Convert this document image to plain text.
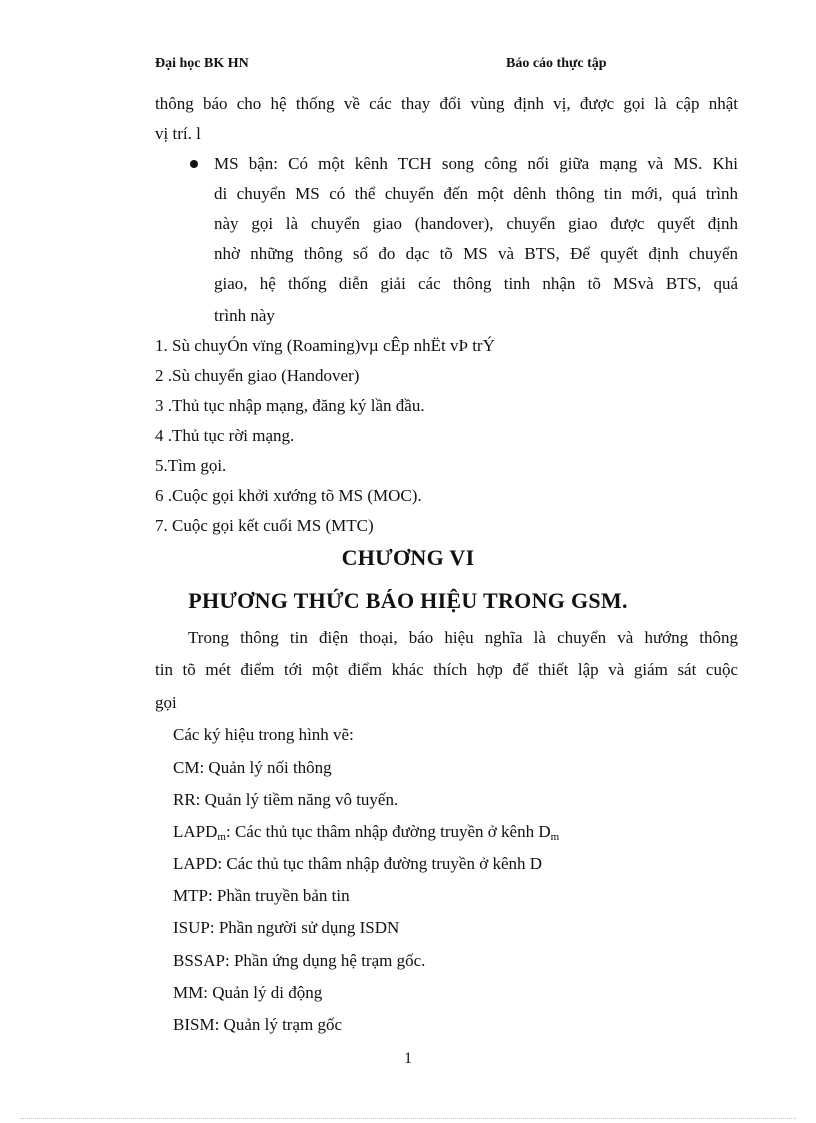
Đại học BK HN	Báo cáo thực tập
thông báo cho hệ thống về các thay đổi vùng định vị, được gọi là cập nhật
vị trí. l
MS bận: Có một kênh TCH song công nối giữa mạng và MS. Khi
di chuyển MS có thể chuyển đến một dênh thông tin mới, quá trình
này gọi là chuyển giao (handover), chuyển giao được quyết định
nhờ những thông số đo dạc tõ MS và BTS, Để quyết định chuyển
giao, hệ thống diễn giải các thông tinh nhận tõ MSvà BTS, quá
trình này
1. Sù chuyÓn vïng (Roaming)vµ cÊp nhËt vÞ trÝ
2 .Sù chuyển giao (Handover)
3 .Thủ tục nhập mạng, đăng ký lần đầu.
4 .Thủ tục rời mạng.
5.Tìm gọi.
6 .Cuộc gọi khởi xướng tõ MS (MOC).
7. Cuộc gọi kết cuối MS (MTC)
CHƯƠNG VI
PHƯƠNG THỨC BÁO HIỆU TRONG GSM.
Trong thông tin điện thoại, báo hiệu nghĩa là chuyển và hướng thông
tin tõ mét điểm tới một điểm khác thích hợp để thiết lập và giám sát cuộc
gọi
Các ký hiệu trong hình vẽ:
CM: Quản lý nối thông
RR: Quản lý tiềm năng vô tuyến.
$LAPD_m$: Các thủ tục thâm nhập đường truyền ở kênh $D_m$
LAPD: Các thủ tục thâm nhập đường truyền ở kênh D
MTP: Phần truyền bản tin
ISUP: Phần người sử dụng ISDN
BSSAP: Phần ứng dụng hệ trạm gốc.
MM: Quản lý di động
BISM: Quản lý trạm gốc
1
